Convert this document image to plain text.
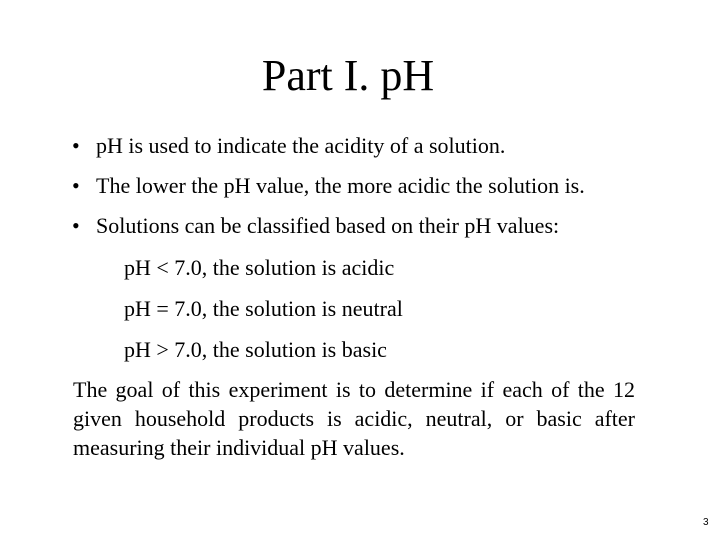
Part I. pH
• pH is used to indicate the acidity of a solution.
• The lower the pH value, the more acidic the solution is.
• Solutions can be classified based on their pH values:
pH < 7.0, the solution is acidic
pH = 7.0, the solution is neutral
pH > 7.0, the solution is basic

The goal of this experiment is to determine if each of the 12 given household products is acidic, neutral, or basic after measuring their individual pH values.

3
